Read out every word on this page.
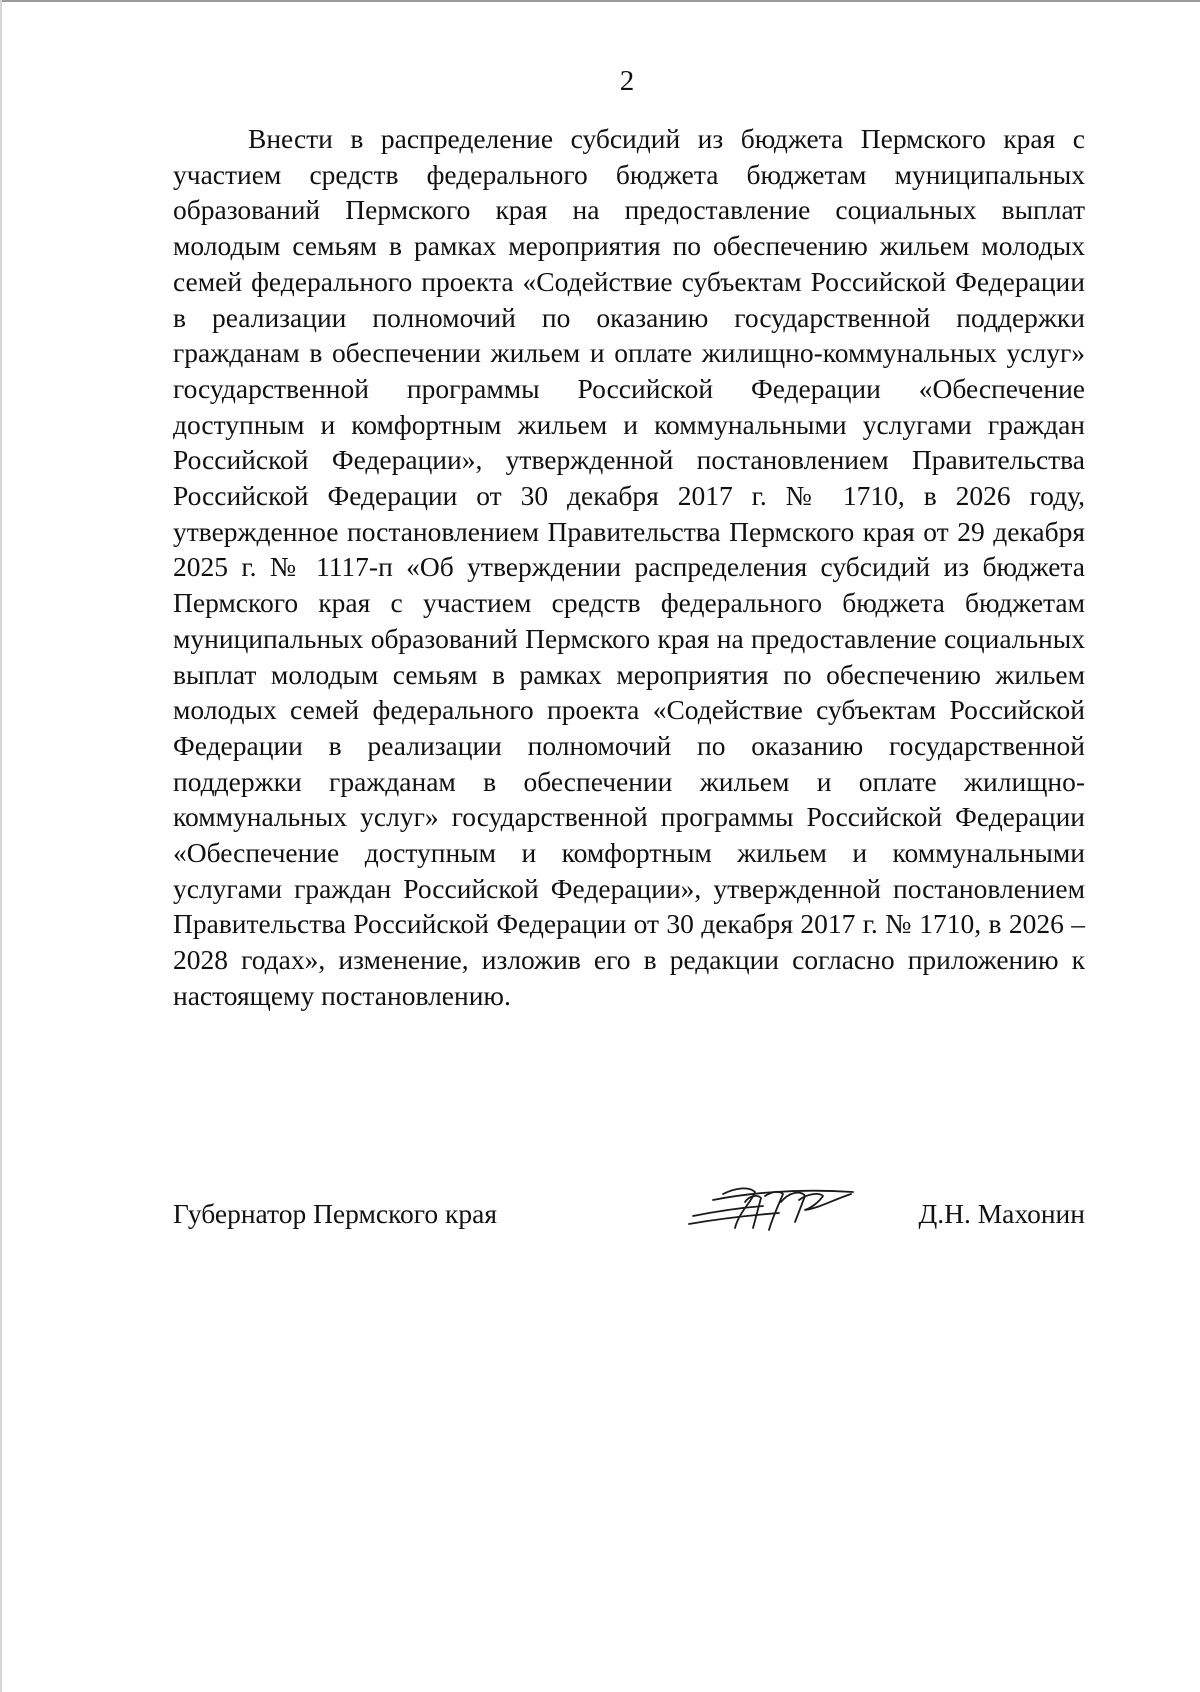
2

Внести в распределение субсидий из бюджета Пермского края с участием средств федерального бюджета бюджетам муниципальных образований Пермского края на предоставление социальных выплат молодым семьям в рамках мероприятия по обеспечению жильем молодых семей федерального проекта «Содействие субъектам Российской Федерации в реализации полномочий по оказанию государственной поддержки гражданам в обеспечении жильем и оплате жилищно-коммунальных услуг» государственной программы Российской Федерации «Обеспечение доступным и комфортным жильем и коммунальными услугами граждан Российской Федерации», утвержденной постановлением Правительства Российской Федерации от 30 декабря 2017 г. № 1710, в 2026 году, утвержденное постановлением Правительства Пермского края от 29 декабря 2025 г. № 1117-п «Об утверждении распределения субсидий из бюджета Пермского края с участием средств федерального бюджета бюджетам муниципальных образований Пермского края на предоставление социальных выплат молодым семьям в рамках мероприятия по обеспечению жильем молодых семей федерального проекта «Содействие субъектам Российской Федерации в реализации полномочий по оказанию государственной поддержки гражданам в обеспечении жильем и оплате жилищно-коммунальных услуг» государственной программы Российской Федерации «Обеспечение доступным и комфортным жильем и коммунальными услугами граждан Российской Федерации», утвержденной постановлением Правительства Российской Федерации от 30 декабря 2017 г. № 1710, в 2026 – 2028 годах», изменение, изложив его в редакции согласно приложению к настоящему постановлению.

Губернатор Пермского края	Д.Н. Махонин
